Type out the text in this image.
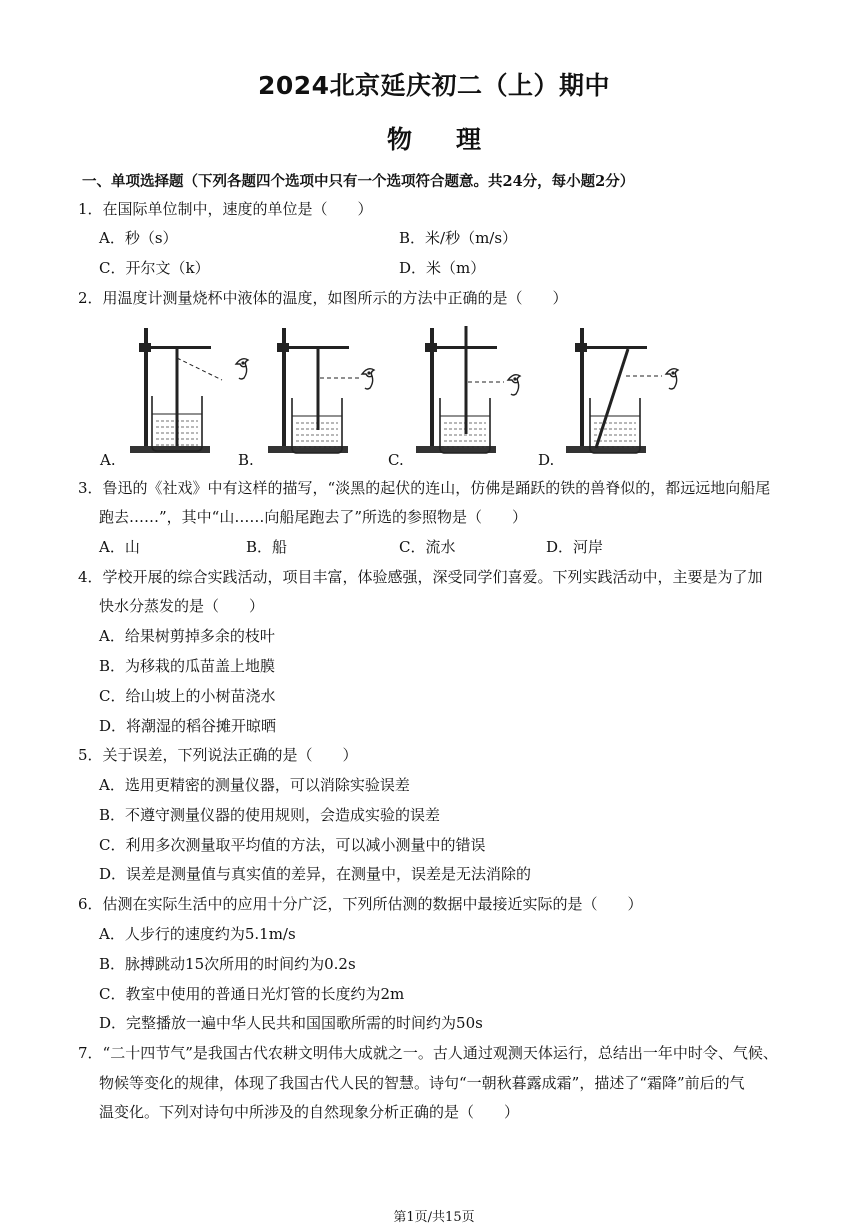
2024北京延庆初二（上）期中
物理
一、单项选择题（下列各题四个选项中只有一个选项符合题意。共24分，每小题2分）
1．在国际单位制中，速度的单位是（　　）
A．秒（s）	B．米/秒（m/s）
C．开尔文（k）	D．米（m）
2．用温度计测量烧杯中液体的温度，如图所示的方法中正确的是（　　）
A.	B.	C.	D.
3．鲁迅的《社戏》中有这样的描写，“淡黑的起伏的连山，仿佛是踊跃的铁的兽脊似的，都远远地向船尾
跑去……”，其中“山……向船尾跑去了”所选的参照物是（　　）
A．山	B．船	C．流水	D．河岸
4．学校开展的综合实践活动，项目丰富，体验感强，深受同学们喜爱。下列实践活动中，主要是为了加
快水分蒸发的是（　　）
A．给果树剪掉多余的枝叶
B．为移栽的瓜苗盖上地膜
C．给山坡上的小树苗浇水
D．将潮湿的稻谷摊开晾晒
5．关于误差，下列说法正确的是（　　）
A．选用更精密的测量仪器，可以消除实验误差
B．不遵守测量仪器的使用规则，会造成实验的误差
C．利用多次测量取平均值的方法，可以减小测量中的错误
D．误差是测量值与真实值的差异，在测量中，误差是无法消除的
6．估测在实际生活中的应用十分广泛，下列所估测的数据中最接近实际的是（　　）
A．人步行的速度约为5.1m/s
B．脉搏跳动15次所用的时间约为0.2s
C．教室中使用的普通日光灯管的长度约为2m
D．完整播放一遍中华人民共和国国歌所需的时间约为50s
7．“二十四节气”是我国古代农耕文明伟大成就之一。古人通过观测天体运行，总结出一年中时令、气候、
物候等变化的规律，体现了我国古代人民的智慧。诗句“一朝秋暮露成霜”，描述了“霜降”前后的气
温变化。下列对诗句中所涉及的自然现象分析正确的是（　　）
第1页/共15页
